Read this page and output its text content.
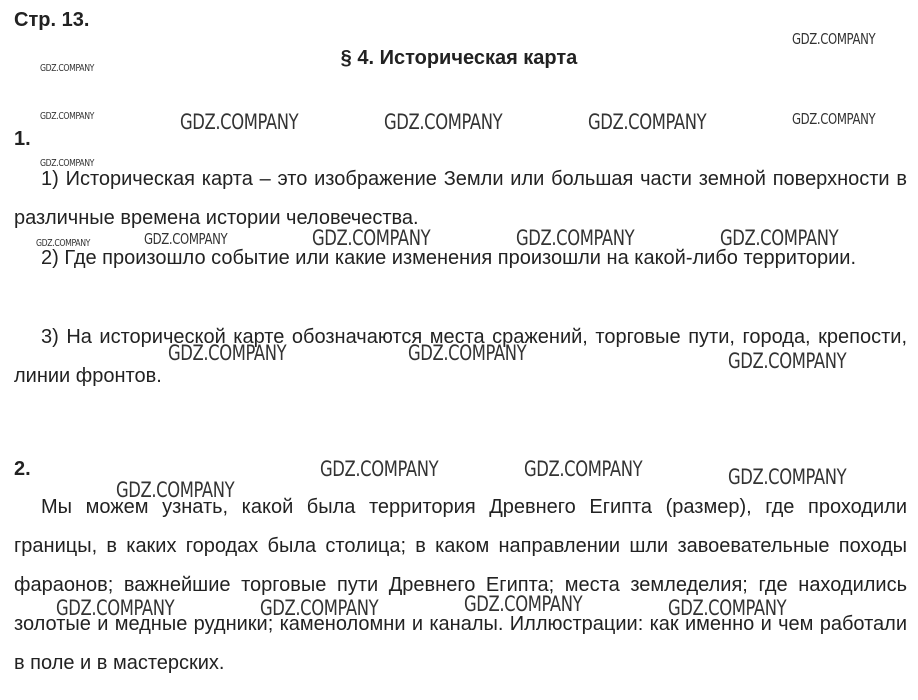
Стр. 13.
§ 4. Историческая карта
1.

1) Историческая карта – это изображение Земли или большая части земной поверхности в различные времена истории человечества.

2) Где произошло событие или какие изменения произошли на какой-либо территории.

3) На исторической карте обозначаются места сражений, торговые пути, города, крепости, линии фронтов.

2.

Мы можем узнать, какой была территория Древнего Египта (размер), где проходили границы, в каких городах была столица; в каком направлении шли завоевательные походы фараонов; важнейшие торговые пути Древнего Египта; места земледелия; где находились золотые и медные рудники; каменоломни и каналы. Иллюстрации: как именно и чем работали в поле и в мастерских.

GDZ.COMPANY
GDZ.COMPANY
GDZ.COMPANY	GDZ.COMPANY	GDZ.COMPANY	GDZ.COMPANY	GDZ.COMPANY
GDZ.COMPANY
GDZ.COMPANY	GDZ.COMPANY	GDZ.COMPANY	GDZ.COMPANY	GDZ.COMPANY
GDZ.COMPANY	GDZ.COMPANY	GDZ.COMPANY
GDZ.COMPANY	GDZ.COMPANY	GDZ.COMPANY
GDZ.COMPANY
GDZ.COMPANY	GDZ.COMPANY	GDZ.COMPANY	GDZ.COMPANY
